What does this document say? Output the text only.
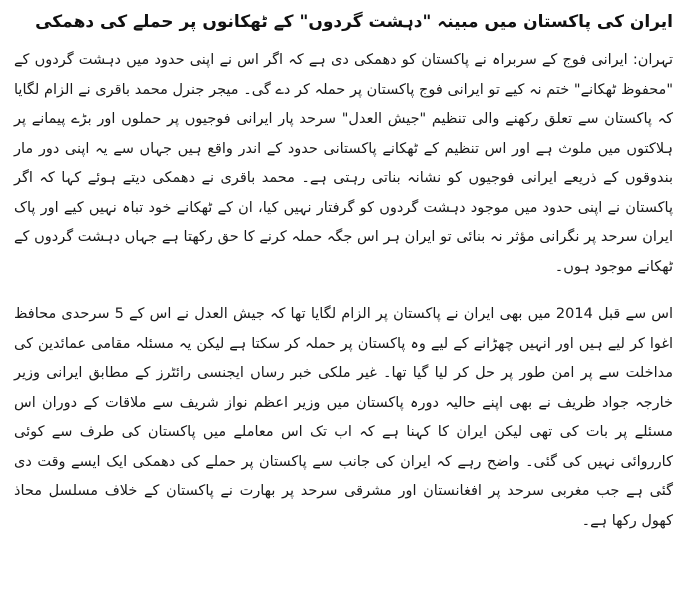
ایران کی پاکستان میں مبینہ "دہشت گردوں" کے ٹھکانوں پر حملے کی دھمکی

تہران: ایرانی فوج کے سربراہ نے پاکستان کو دھمکی دی ہے کہ اگر اس نے اپنی حدود میں دہشت گردوں کے "محفوظ ٹھکانے" ختم نہ کیے تو ایرانی فوج پاکستان پر حملہ کر دے گی۔ میجر جنرل محمد باقری نے الزام لگایا کہ پاکستان سے تعلق رکھنے والی تنظیم "جیش العدل" سرحد پار ایرانی فوجیوں پر حملوں اور بڑے پیمانے پر ہلاکتوں میں ملوث ہے اور اس تنظیم کے ٹھکانے پاکستانی حدود کے اندر واقع ہیں جہاں سے یہ اپنی دور مار بندوقوں کے ذریعے ایرانی فوجیوں کو نشانہ بناتی رہتی ہے۔ محمد باقری نے دھمکی دیتے ہوئے کہا کہ اگر پاکستان نے اپنی حدود میں موجود دہشت گردوں کو گرفتار نہیں کیا، ان کے ٹھکانے خود تباہ نہیں کیے اور پاک ایران سرحد پر نگرانی مؤثر نہ بنائی تو ایران ہر اس جگہ حملہ کرنے کا حق رکھتا ہے جہاں دہشت گردوں کے ٹھکانے موجود ہوں۔

اس سے قبل 2014 میں بھی ایران نے پاکستان پر الزام لگایا تھا کہ جیش العدل نے اس کے 5 سرحدی محافظ اغوا کر لیے ہیں اور انہیں چھڑانے کے لیے وہ پاکستان پر حملہ کر سکتا ہے لیکن یہ مسئلہ مقامی عمائدین کی مداخلت سے پر امن طور پر حل کر لیا گیا تھا۔ غیر ملکی خبر رساں ایجنسی رائٹرز کے مطابق ایرانی وزیر خارجہ جواد ظریف نے بھی اپنے حالیہ دورہ پاکستان میں وزیر اعظم نواز شریف سے ملاقات کے دوران اس مسئلے پر بات کی تھی لیکن ایران کا کہنا ہے کہ اب تک اس معاملے میں پاکستان کی طرف سے کوئی کارروائی نہیں کی گئی۔ واضح رہے کہ ایران کی جانب سے پاکستان پر حملے کی دھمکی ایک ایسے وقت دی گئی ہے جب مغربی سرحد پر افغانستان اور مشرقی سرحد پر بھارت نے پاکستان کے خلاف مسلسل محاذ کھول رکھا ہے۔
